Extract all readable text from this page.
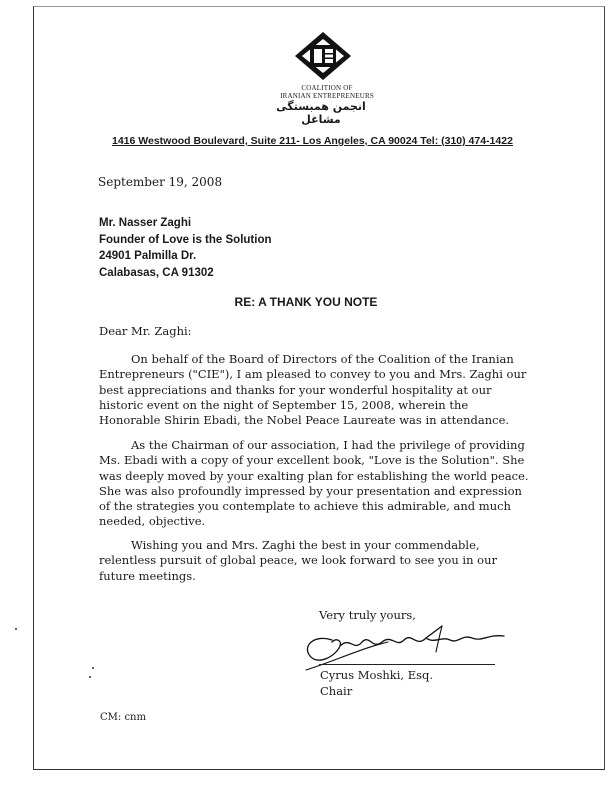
COALITION OF
IRANIAN ENTREPRENEURS
انجمن همبستگی مشاغل
1416 Westwood Boulevard, Suite 211- Los Angeles, CA 90024 Tel: (310) 474-1422
September 19, 2008
Mr. Nasser Zaghi
Founder of Love is the Solution
24901 Palmilla Dr.
Calabasas, CA 91302
RE: A THANK YOU NOTE
Dear Mr. Zaghi:
On behalf of the Board of Directors of the Coalition of the Iranian
Entrepreneurs ("CIE"), I am pleased to convey to you and Mrs. Zaghi our
best appreciations and thanks for your wonderful hospitality at our
historic event on the night of September 15, 2008, wherein the
Honorable Shirin Ebadi, the Nobel Peace Laureate was in attendance.
As the Chairman of our association, I had the privilege of providing
Ms. Ebadi with a copy of your excellent book, "Love is the Solution". She
was deeply moved by your exalting plan for establishing the world peace.
She was also profoundly impressed by your presentation and expression
of the strategies you contemplate to achieve this admirable, and much
needed, objective.
Wishing you and Mrs. Zaghi the best in your commendable,
relentless pursuit of global peace, we look forward to see you in our
future meetings.
Very truly yours,
Cyrus Moshki, Esq.
Chair
CM: cnm
